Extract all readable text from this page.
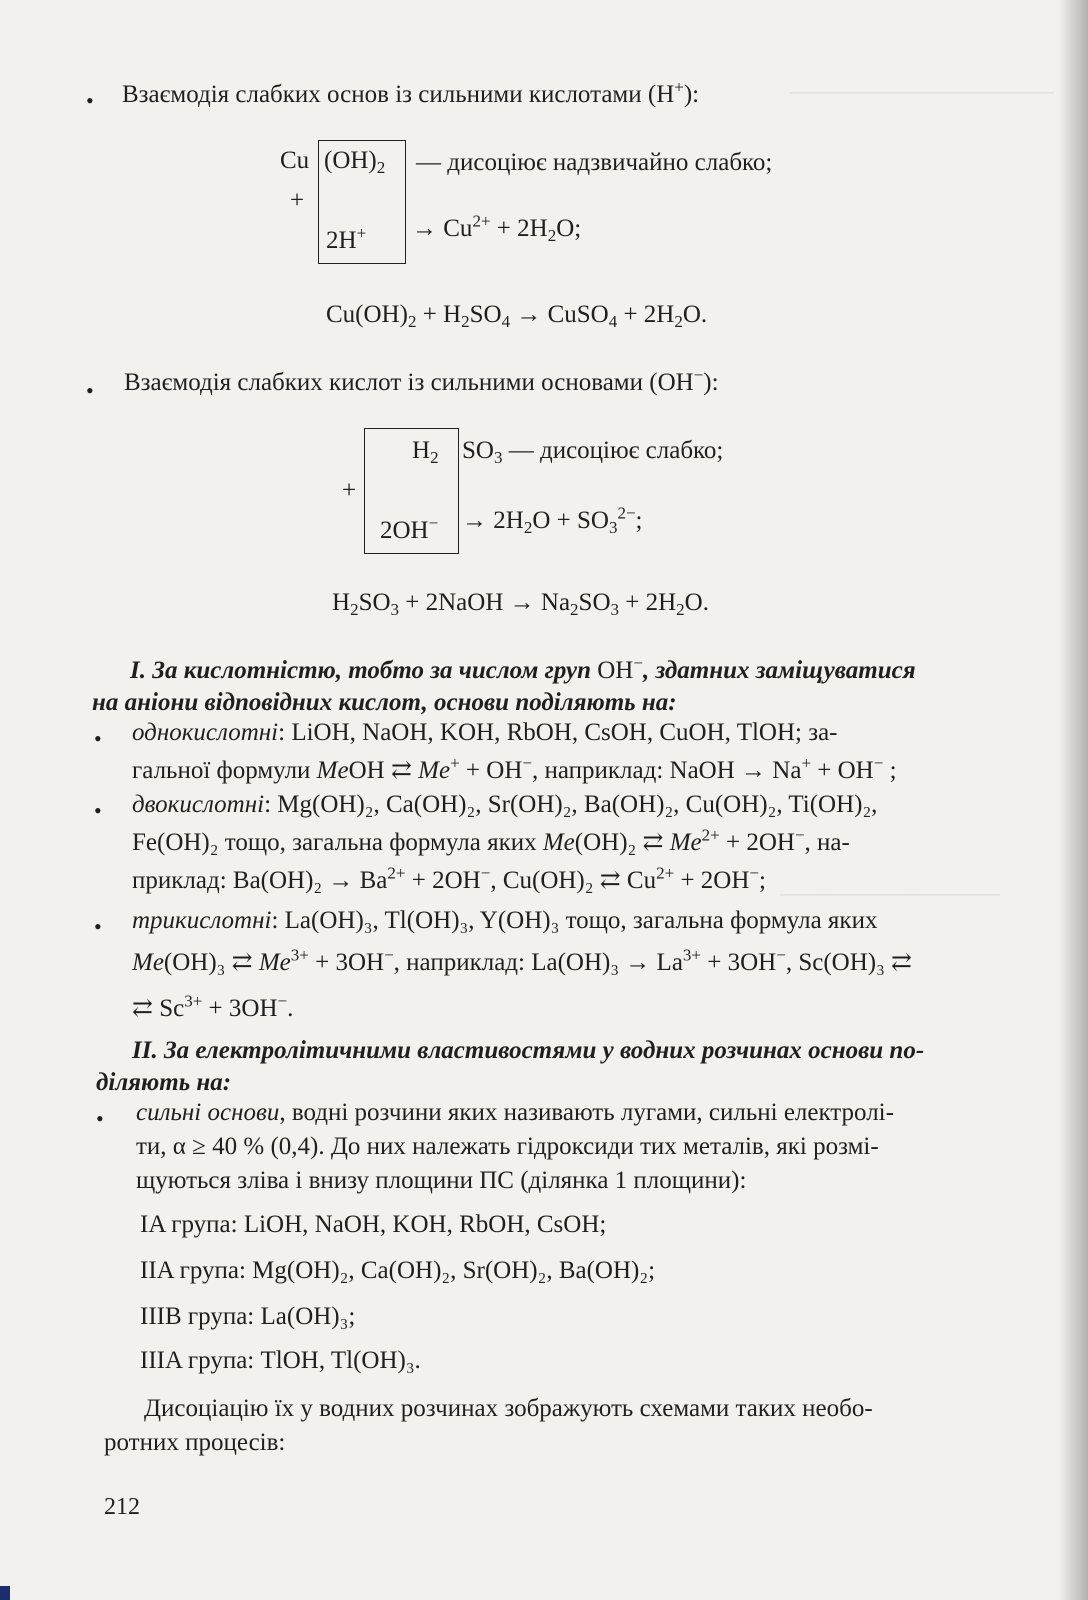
————————————
——————————
• Взаємодія слабких основ із сильними кислотами (H+):
Cu $(OH)_2$ — дисоціює надзвичайно слабко;
+
$2H^+ \to Cu^{2+} + 2H_2O$;
$Cu(OH)_2 + H_2SO_4$ → CuSO$_4$ + $2H_2O$.
• Взаємодія слабких кислот із сильними основами (OH−):
$H_2$ $SO_3$ — дисоціює слабко;
+
$2OH^- \to 2H_2O + SO_3^{2-}$;
$H_2SO_3$ + 2NaOH → $Na_2SO_3 + 2H_2O$.
I. За кислотністю, тобто за числом груп OH−, здатних заміщуватися
на аніони відповідних кислот, основи поділяють на:
• однокислотні: LiOH, NaOH, KOH, RbOH, CsOH, CuOH, TlOH; за-
гальної формули MeOH ⇄ Me+ + OH−, наприклад: NaOH → Na+ + OH− ;
• двокислотні: Mg(OH)₂, Ca(OH)₂, Sr(OH)₂, Ba(OH)₂, Cu(OH)₂, Ti(OH)₂,
Fe(OH)₂ тощо, загальна формула яких Me(OH)₂ ⇄ $Me^{2+} + 2OH^-$, на-
приклад: $Ba(OH)_2 \to Ba^{2+} + 2OH^-$, Cu(OH)₂ ⇄ $Cu^{2+} + 2OH^-$;
• трикислотні: La(OH)₃, Tl(OH)₃, Y(OH)₃ тощо, загальна формула яких
Me(OH)₃ ⇄ $Me^{3+} + 3OH^-$, наприклад: $La(OH)_3 \to La^{3+} + 3OH^-$, Sc(OH)₃ ⇄
⇄ $Sc^{3+} + 3OH^-$.
II. За електролітичними властивостями у водних розчинах основи по-
діляють на:
• сильні основи, водні розчини яких називають лугами, сильні електролі-
ти, α ≥ 40 % (0,4). До них належать гідроксиди тих металів, які розмі-
щуються зліва і внизу площини ПС (ділянка 1 площини):
IA група: LiOH, NaOH, KOH, RbOH, CsOH;
IIA група: Mg(OH)₂, Ca(OH)₂, Sr(OH)₂, Ba(OH)₂;
IIIB група: La(OH)₃;
IIIA група: TlOH, Tl(OH)₃.
Дисоціацію їх у водних розчинах зображують схемами таких необо-
ротних процесів:
212
